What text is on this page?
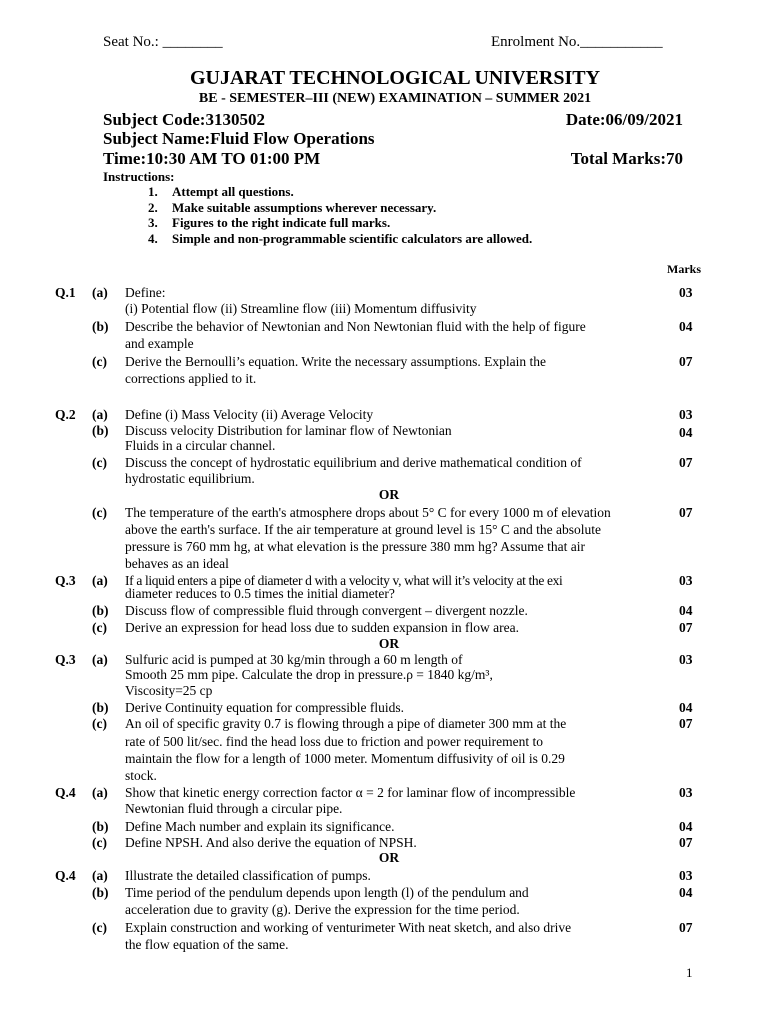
Seat No.: ________	Enrolment No.___________
GUJARAT TECHNOLOGICAL UNIVERSITY
BE - SEMESTER–III (NEW) EXAMINATION – SUMMER 2021
Subject Code:3130502	Date:06/09/2021
Subject Name:Fluid Flow Operations
Time:10:30 AM TO 01:00 PM	Total Marks:70
Instructions:
1. Attempt all questions.
2. Make suitable assumptions wherever necessary.
3. Figures to the right indicate full marks.
4. Simple and non-programmable scientific calculators are allowed.
Marks
Q.1 (a) Define:	03
(i) Potential flow (ii) Streamline flow (iii) Momentum diffusivity
(b) Describe the behavior of Newtonian and Non Newtonian fluid with the help of figure	04
and example
(c) Derive the Bernoulli’s equation. Write the necessary assumptions. Explain the	07
corrections applied to it.
Q.2 (a) Define (i) Mass Velocity (ii) Average Velocity	03
(b) Discuss velocity Distribution for laminar flow of Newtonian	04
Fluids in a circular channel.
(c) Discuss the concept of hydrostatic equilibrium and derive mathematical condition of	07
hydrostatic equilibrium.
OR
(c) The temperature of the earth's atmosphere drops about 5° C for every 1000 m of elevation	07
above the earth's surface. If the air temperature at ground level is 15° C and the absolute
pressure is 760 mm hg, at what elevation is the pressure 380 mm hg? Assume that air
behaves as an ideal
Q.3 (a) If a liquid enters a pipe of diameter d with a velocity v, what will it’s velocity at the exi	03
diameter reduces to 0.5 times the initial diameter?
(b) Discuss flow of compressible fluid through convergent – divergent nozzle.	04
(c) Derive an expression for head loss due to sudden expansion in flow area.	07
OR
Q.3 (a) Sulfuric acid is pumped at 30 kg/min through a 60 m length of	03
Smooth 25 mm pipe. Calculate the drop in pressure.ρ = 1840 kg/m³,
Viscosity=25 cp
(b) Derive Continuity equation for compressible fluids.	04
(c) An oil of specific gravity 0.7 is flowing through a pipe of diameter 300 mm at the	07
rate of 500 lit/sec. find the head loss due to friction and power requirement to
maintain the flow for a length of 1000 meter. Momentum diffusivity of oil is 0.29
stock.
Q.4 (a) Show that kinetic energy correction factor α = 2 for laminar flow of incompressible	03
Newtonian fluid through a circular pipe.
(b) Define Mach number and explain its significance.	04
(c) Define NPSH. And also derive the equation of NPSH.	07
OR
Q.4 (a) Illustrate the detailed classification of pumps.	03
(b) Time period of the pendulum depends upon length (l) of the pendulum and	04
acceleration due to gravity (g). Derive the expression for the time period.
(c) Explain construction and working of venturimeter With neat sketch, and also drive	07
the flow equation of the same.
1
